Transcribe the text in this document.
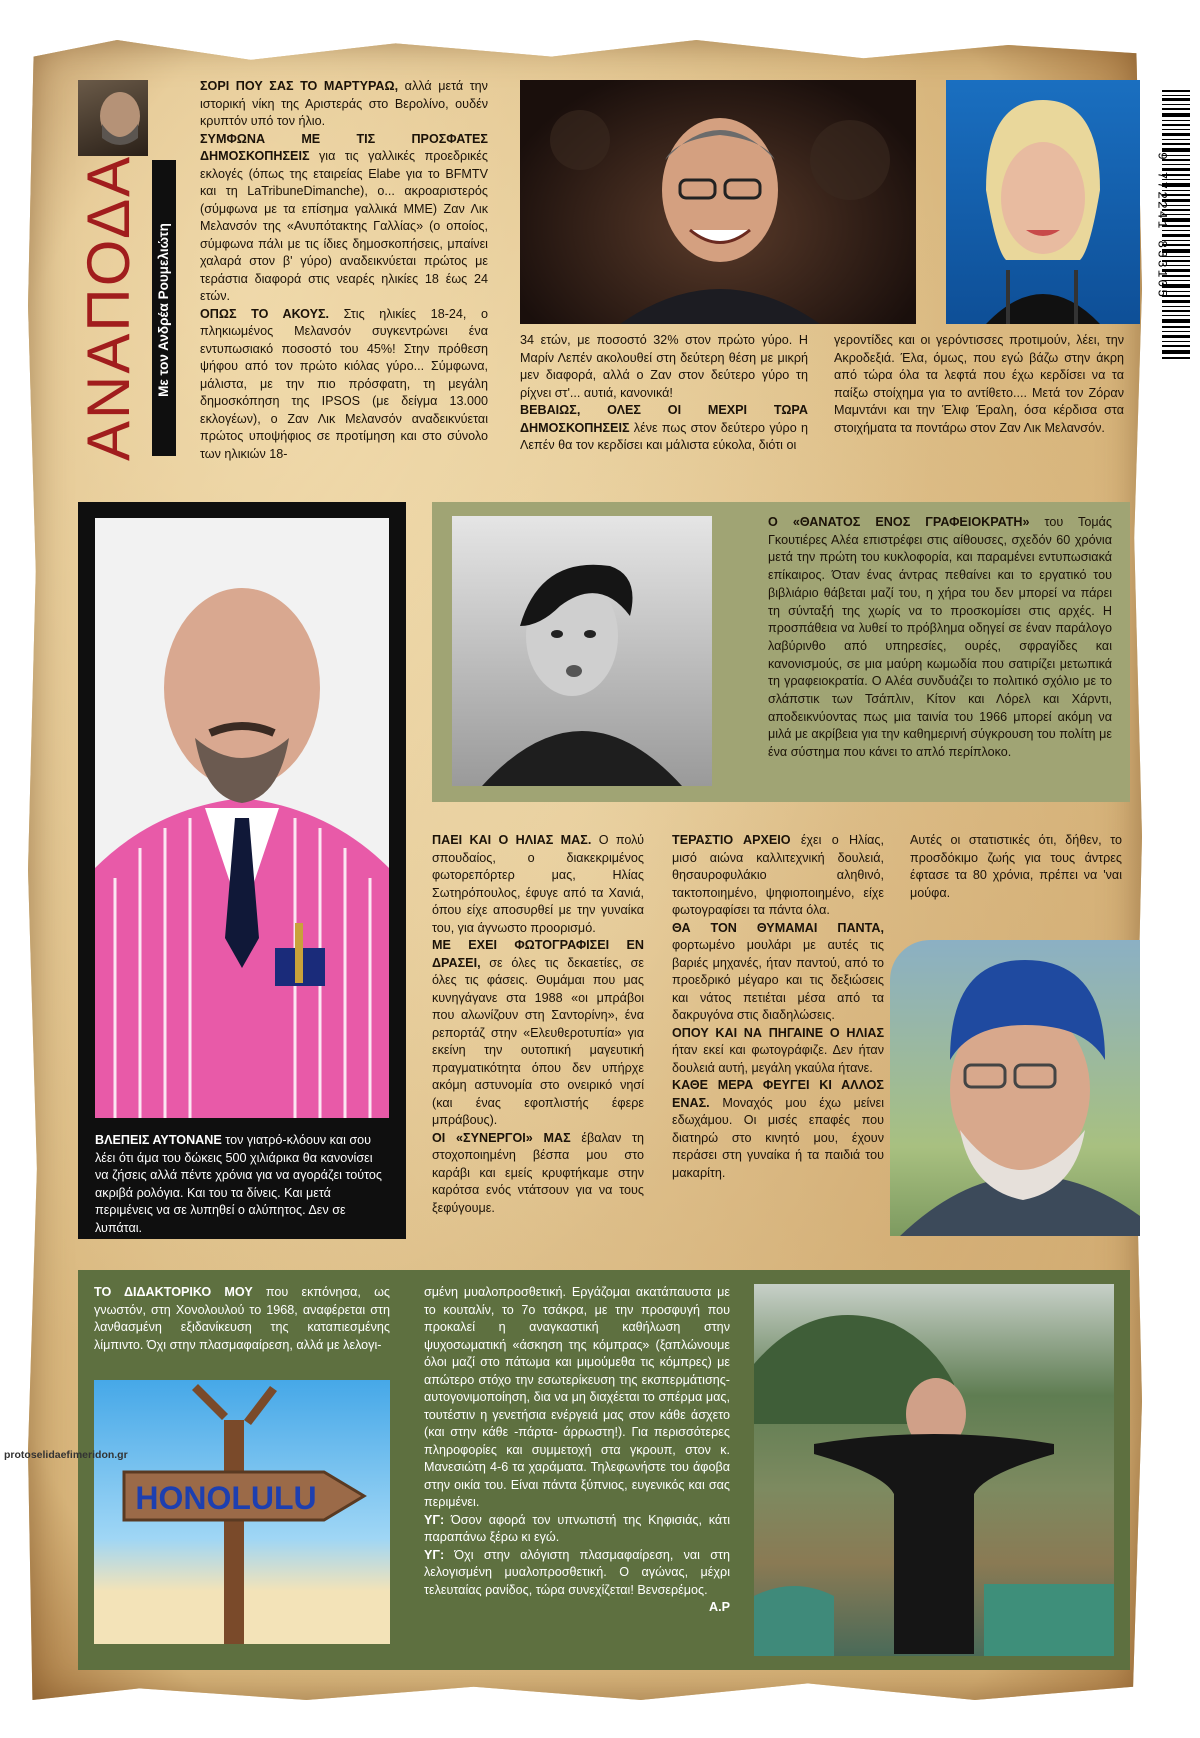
9 772241 833105
ΑΝΑΠΟΔΑ Με τον Ανδρέα Ρουμελιώτη

ΣΟΡΙ ΠΟΥ ΣΑΣ ΤΟ ΜΑΡΤΥΡΑΩ, αλλά μετά την ιστορική νίκη της Αριστεράς στο Βερολίνο, ουδέν κρυπτόν υπό τον ήλιο.

ΣΥΜΦΩΝΑ ΜΕ ΤΙΣ ΠΡΟΣΦΑΤΕΣ ΔΗΜΟΣΚΟΠΗΣΕΙΣ για τις γαλλικές προεδρικές εκλογές (όπως της εταιρείας Elabe για το BFMTV και τη LaTribuneDimanche), ο... ακροαριστερός (σύμφωνα με τα επίσημα γαλλικά ΜΜΕ) Ζαν Λικ Μελανσόν της «Ανυπότακτης Γαλλίας» (ο οποίος, σύμφωνα πάλι με τις ίδιες δημοσκοπήσεις, μπαίνει χαλαρά στον β' γύρο) αναδεικνύεται πρώτος με τεράστια διαφορά στις νεαρές ηλικίες 18 έως 24 ετών.

ΟΠΩΣ ΤΟ ΑΚΟΥΣ. Στις ηλικίες 18-24, ο πληκιωμένος Μελανσόν συγκεντρώνει ένα εντυπωσιακό ποσοστό του 45%! Στην πρόθεση ψήφου από τον πρώτο κιόλας γύρο... Σύμφωνα, μάλιστα, με την πιο πρόσφατη, τη μεγάλη δημοσκόπηση της IPSOS (με δείγμα 13.000 εκλογέων), ο Ζαν Λικ Μελανσόν αναδεικνύεται πρώτος υποψήφιος σε προτίμηση και στο σύνολο των ηλικιών 18-

34 ετών, με ποσοστό 32% στον πρώτο γύρο. Η Μαρίν Λεπέν ακολουθεί στη δεύτερη θέση με μικρή μεν διαφορά, αλλά ο Ζαν στον δεύτερο γύρο τη ρίχνει στ'... αυτιά, κανονικά!

ΒΕΒΑΙΩΣ, ΟΛΕΣ ΟΙ ΜΕΧΡΙ ΤΩΡΑ ΔΗΜΟΣΚΟΠΗΣΕΙΣ λένε πως στον δεύτερο γύρο η Λεπέν θα τον κερδίσει και μάλιστα εύκολα, διότι οι

γεροντίδες και οι γερόντισσες προτιμούν, λέει, την Ακροδεξιά. Έλα, όμως, που εγώ βάζω στην άκρη από τώρα όλα τα λεφτά που έχω κερδίσει να τα παίξω στοίχημα για το αντίθετο.... Μετά τον Ζόραν Μαμντάνι και την Έλιφ Έραλη, όσα κέρδισα στα στοιχήματα τα ποντάρω στον Ζαν Λικ Μελανσόν.

ΒΛΕΠΕΙΣ ΑΥΤΟΝΑΝΕ τον γιατρό-κλόουν και σου λέει ότι άμα του δώκεις 500 χιλιάρικα θα κανονίσει να ζήσεις αλλά πέντε χρόνια για να αγοράζει τούτος ακριβά ρολόγια. Και του τα δίνεις. Και μετά περιμένεις να σε λυπηθεί ο αλύπητος. Δεν σε λυπάται.
Ο «ΘΑΝΑΤΟΣ ΕΝΟΣ ΓΡΑΦΕΙΟΚΡΑΤΗ» του Τομάς Γκουτιέρες Αλέα επιστρέφει στις αίθουσες, σχεδόν 60 χρόνια μετά την πρώτη του κυκλοφορία, και παραμένει εντυπωσιακά επίκαιρος. Όταν ένας άντρας πεθαίνει και το εργατικό του βιβλιάριο θάβεται μαζί του, η χήρα του δεν μπορεί να πάρει τη σύνταξή της χωρίς να το προσκομίσει στις αρχές. Η προσπάθεια να λυθεί το πρόβλημα οδηγεί σε έναν παράλογο λαβύρινθο από υπηρεσίες, ουρές, σφραγίδες και κανονισμούς, σε μια μαύρη κωμωδία που σατιρίζει μετωπικά τη γραφειοκρατία. Ο Αλέα συνδυάζει το πολιτικό σχόλιο με το σλάπστικ των Τσάπλιν, Κίτον και Λόρελ και Χάρντι, αποδεικνύοντας πως μια ταινία του 1966 μπορεί ακόμη να μιλά με ακρίβεια για την καθημερινή σύγκρουση του πολίτη με ένα σύστημα που κάνει το απλό περίπλοκο.

ΠΑΕΙ ΚΑΙ Ο ΗΛΙΑΣ ΜΑΣ. Ο πολύ σπουδαίος, ο διακεκριμένος φωτορεπόρτερ μας, Ηλίας Σωτηρόπουλος, έφυγε από τα Χανιά, όπου είχε αποσυρθεί με την γυναίκα του, για άγνωστο προορισμό.

ΜΕ ΕΧΕΙ ΦΩΤΟΓΡΑΦΙΣΕΙ ΕΝ ΔΡΑΣΕΙ, σε όλες τις δεκαετίες, σε όλες τις φάσεις. Θυμάμαι που μας κυνηγάγανε στα 1988 «οι μπράβοι που αλωνίζουν στη Σαντορίνη», ένα ρεπορτάζ στην «Ελευθεροτυπία» για εκείνη την ουτοπική μαγευτική πραγματικότητα όπου δεν υπήρχε ακόμη αστυνομία στο ονειρικό νησί (και ένας εφοπλιστής έφερε μπράβους).

ΟΙ «ΣΥΝΕΡΓΟΙ» ΜΑΣ έβαλαν τη στοχοποιημένη βέσπα μου στο καράβι και εμείς κρυφτήκαμε στην καρότσα ενός ντάτσουν για να τους ξεφύγουμε.

ΤΕΡΑΣΤΙΟ ΑΡΧΕΙΟ έχει ο Ηλίας, μισό αιώνα καλλιτεχνική δουλειά, θησαυροφυλάκιο αληθινό, τακτοποιημένο, ψηφιοποιημένο, είχε φωτογραφίσει τα πάντα όλα.

ΘΑ ΤΟΝ ΘΥΜΑΜΑΙ ΠΑΝΤΑ, φορτωμένο μουλάρι με αυτές τις βαριές μηχανές, ήταν παντού, από το προεδρικό μέγαρο και τις δεξιώσεις και νάτος πετιέται μέσα από τα δακρυγόνα στις διαδηλώσεις.

ΟΠΟΥ ΚΑΙ ΝΑ ΠΗΓΑΙΝΕ Ο ΗΛΙΑΣ ήταν εκεί και φωτογράφιζε. Δεν ήταν δουλειά αυτή, μεγάλη γκαύλα ήτανε.

ΚΑΘΕ ΜΕΡΑ ΦΕΥΓΕΙ ΚΙ ΑΛΛΟΣ ΕΝΑΣ. Μοναχός μου έχω μείνει εδωχάμου. Οι μισές επαφές που διατηρώ στο κινητό μου, έχουν περάσει στη γυναίκα ή τα παιδιά του μακαρίτη.

Αυτές οι στατιστικές ότι, δήθεν, το προσδόκιμο ζωής για τους άντρες έφτασε τα 80 χρόνια, πρέπει να 'ναι μούφα.

ΤΟ ΔΙΔΑΚΤΟΡΙΚΟ ΜΟΥ που εκπόνησα, ως γνωστόν, στη Χονολουλού το 1968, αναφέρεται στη λανθασμένη εξιδανίκευση της καταπιεσμένης λίμπιντο. Όχι στην πλασμαφαίρεση, αλλά με λελογι-
HONOLULU

σμένη μυαλοπροσθετική. Εργάζομαι ακατάπαυστα με το κουταλίν, το 7ο τσάκρα, με την προσφυγή που προκαλεί η αναγκαστική καθήλωση στην ψυχοσωματική «άσκηση της κόμπρας» (ξαπλώνουμε όλοι μαζί στο πάτωμα και μιμούμεθα τις κόμπρες) με απώτερο στόχο την εσωτερίκευση της εκσπερμάτισης-αυτογονιμοποίηση, δια να μη διαχέεται το σπέρμα μας, τουτέστιν η γενετήσια ενέργειά μας στον κάθε άσχετο (και στην κάθε -πάρτα- άρρωστη!). Για περισσότερες πληροφορίες και συμμετοχή στα γκρουπ, στον κ. Μανεσιώτη 4-6 τα χαράματα. Τηλεφωνήστε του άφοβα στην οικία του. Είναι πάντα ξύπνιος, ευγενικός και σας περιμένει.

ΥΓ: Όσον αφορά τον υπνωτιστή της Κηφισιάς, κάτι παραπάνω ξέρω κι εγώ.

ΥΓ: Όχι στην αλόγιστη πλασμαφαίρεση, ναι στη λελογισμένη μυαλοπροσθετική. Ο αγώνας, μέχρι τελευταίας ρανίδος, τώρα συνεχίζεται! Βενσερέμος.

Α.Ρ

protoselidaefimeridon.gr
